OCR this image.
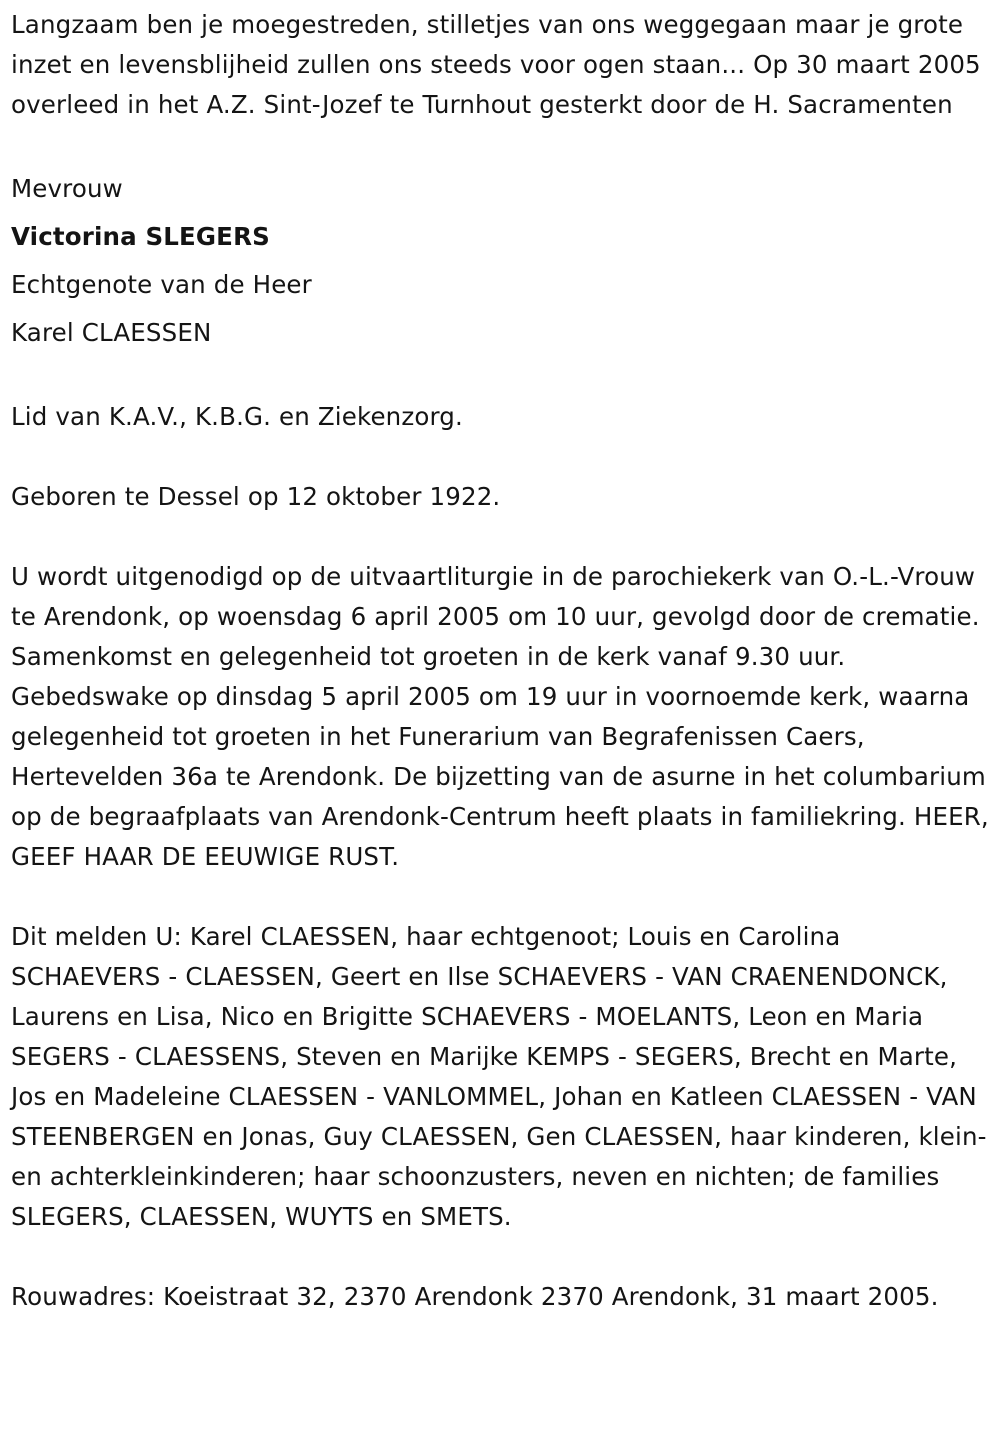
Langzaam ben je moegestreden, stilletjes van ons weggegaan maar je grote inzet en levensblijheid zullen ons steeds voor ogen staan... Op 30 maart 2005 overleed in het A.Z. Sint-Jozef te Turnhout gesterkt door de H. Sacramenten

Mevrouw

Victorina SLEGERS

Echtgenote van de Heer

Karel CLAESSEN

Lid van K.A.V., K.B.G. en Ziekenzorg.

Geboren te Dessel op 12 oktober 1922.

U wordt uitgenodigd op de uitvaartliturgie in de parochiekerk van O.-L.-Vrouw te Arendonk, op woensdag 6 april 2005 om 10 uur, gevolgd door de crematie. Samenkomst en gelegenheid tot groeten in de kerk vanaf 9.30 uur. Gebedswake op dinsdag 5 april 2005 om 19 uur in voornoemde kerk, waarna gelegenheid tot groeten in het Funerarium van Begrafenissen Caers, Hertevelden 36a te Arendonk. De bijzetting van de asurne in het columbarium op de begraafplaats van Arendonk-Centrum heeft plaats in familiekring. HEER, GEEF HAAR DE EEUWIGE RUST.

Dit melden U: Karel CLAESSEN, haar echtgenoot; Louis en Carolina SCHAEVERS - CLAESSEN, Geert en Ilse SCHAEVERS - VAN CRAENENDONCK, Laurens en Lisa, Nico en Brigitte SCHAEVERS - MOELANTS, Leon en Maria SEGERS - CLAESSENS, Steven en Marijke KEMPS - SEGERS, Brecht en Marte, Jos en Madeleine CLAESSEN - VANLOMMEL, Johan en Katleen CLAESSEN - VAN STEENBERGEN en Jonas, Guy CLAESSEN, Gen CLAESSEN, haar kinderen, klein- en achterkleinkinderen; haar schoonzusters, neven en nichten; de families SLEGERS, CLAESSEN, WUYTS en SMETS.

Rouwadres: Koeistraat 32, 2370 Arendonk 2370 Arendonk, 31 maart 2005.
